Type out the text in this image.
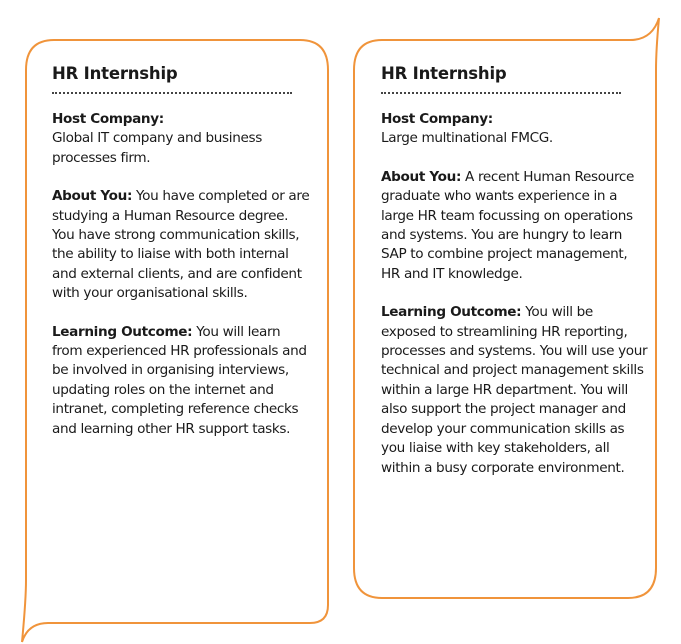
HR Internship

Host Company:
Global IT company and business processes firm.

About You: You have completed or are studying a Human Resource degree. You have strong communication skills, the ability to liaise with both internal and external clients, and are confident with your organisational skills.

Learning Outcome: You will learn from experienced HR professionals and be involved in organising interviews, updating roles on the internet and intranet, completing reference checks and learning other HR support tasks.

HR Internship

Host Company:
Large multinational FMCG.

About You: A recent Human Resource graduate who wants experience in a large HR team focussing on operations and systems. You are hungry to learn SAP to combine project management, HR and IT knowledge.

Learning Outcome: You will be exposed to streamlining HR reporting, processes and systems. You will use your technical and project management skills within a large HR department. You will also support the project manager and develop your communication skills as you liaise with key stakeholders, all within a busy corporate environment.
